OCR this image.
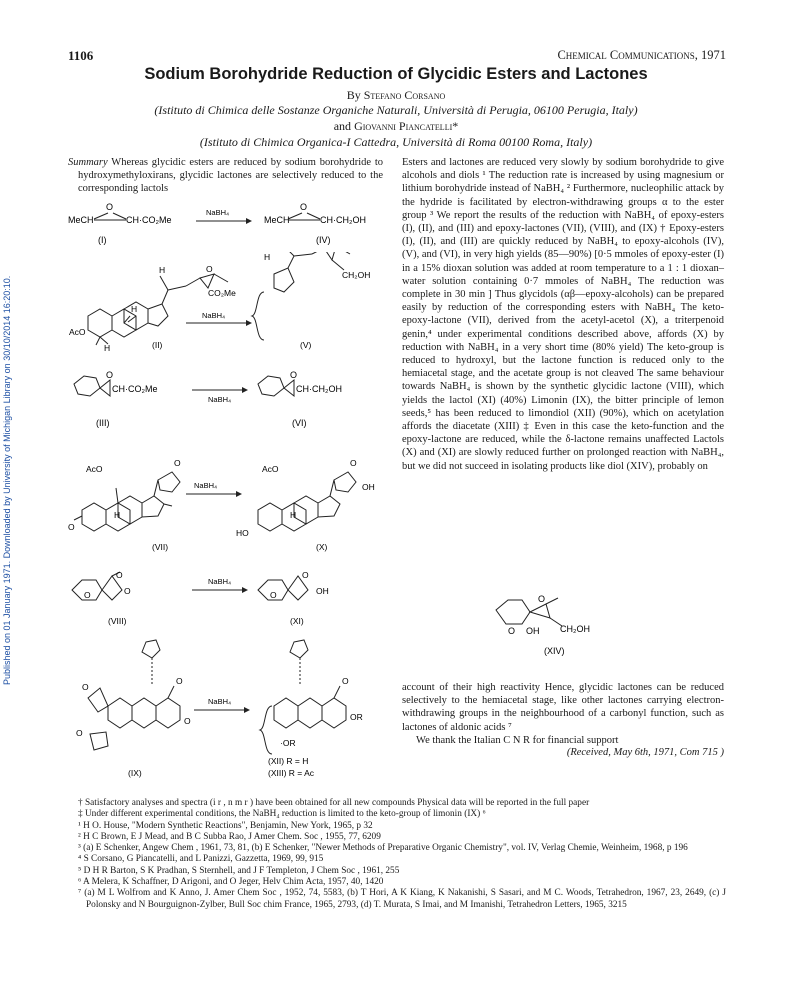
Published on 01 January 1971. Downloaded by University of Michigan Library on 30/10/2014 16:20:10.
1106	Chemical Communications, 1971
Sodium Borohydride Reduction of Glycidic Esters and Lactones
By Stefano Corsano
(Istituto di Chimica delle Sostanze Organiche Naturali, Università di Perugia, 06100 Perugia, Italy)
and Giovanni Piancatelli*
(Istituto di Chimica Organica-I Cattedra, Università di Roma 00100 Roma, Italy)

Summary Whereas glycidic esters are reduced by sodium borohydride to hydroxymethyloxirans, glycidic lactones are selectively reduced to the corresponding lactols

MeCH
O
CH·CO₂Me
NaBH₄
MeCH
O
CH·CH₂OH
(I)	(IV)
H	O
CO₂Me
H
AcO
H
NaBH₄
H
CH₂OH
(II)	(V)
O
CH·CO₂Me
NaBH₄
O
CH·CH₂OH
(III)	(VI)
AcO
O
O
H
NaBH₄
AcO
O
OH
HO
H
(VII)	(X)
O
O
O
NaBH₄
O
O
OH
(VIII)	(XI)
O
O
O
O
NaBH₄
O
OR
·OR
(IX)
(XII) R = H
(XIII) R = Ac

Esters and lactones are reduced very slowly by sodium borohydride to give alcohols and diols ¹ The reduction rate is increased by using magnesium or lithium borohydride instead of NaBH₄ ² Furthermore, nucleophilic attack by the hydride is facilitated by electron-withdrawing groups α to the ester group ³ We report the results of the reduction with NaBH₄ of epoxy-esters (I), (II), and (III) and epoxy-lactones (VII), (VIII), and (IX) † Epoxy-esters (I), (II), and (III) are quickly reduced by NaBH₄ to epoxy-alcohols (IV), (V), and (VI), in very high yields (85—90%) [0·5 mmoles of epoxy-ester (I) in a 15% dioxan solution was added at room temperature to a 1 : 1 dioxan–water solution containing 0·7 mmoles of NaBH₄ The reduction was complete in 30 min ] Thus glycidols (αβ—epoxy-alcohols) can be prepared easily by reduction of the corresponding esters with NaBH₄ The keto-epoxy-lactone (VII), derived from the acetyl-acetol (X), a triterpenoid genin,⁴ under experimental conditions described above, affords (X) by reduction with NaBH₄ in a very short time (80% yield) The keto-group is reduced to hydroxyl, but the lactone function is reduced only to the hemiacetal stage, and the acetate group is not cleaved The same behaviour towards NaBH₄ is shown by the synthetic glycidic lactone (VIII), which yields the lactol (XI) (40%) Limonin (IX), the bitter principle of lemon seeds,⁵ has been reduced to limondiol (XII) (90%), which on acetylation affords the diacetate (XIII) ‡ Even in this case the keto-function and the epoxy-lactone are reduced, while the δ-lactone remains unaffected Lactols (X) and (XI) are slowly reduced further on prolonged reaction with NaBH₄, but we did not succeed in isolating products like diol (XIV), probably on

O OH
O
CH₂OH
(XIV)

account of their high reactivity Hence, glycidic lactones can be reduced selectively to the hemiacetal stage, like other lactones carrying electron-withdrawing groups in the neighbourhood of a carbonyl function, such as lactones of aldonic acids ⁷

We thank the Italian C N R for financial support

(Received, May 6th, 1971, Com 715 )

† Satisfactory analyses and spectra (i r , n m r ) have been obtained for all new compounds Physical data will be reported in the full paper

‡ Under different experimental conditions, the NaBH₄ reduction is limited to the keto-group of limonin (IX) ⁶

¹ H O. House, "Modern Synthetic Reactions", Benjamin, New York, 1965, p 32

² H C Brown, E J Mead, and B C Subba Rao, J Amer Chem. Soc , 1955, 77, 6209

³ (a) E Schenker, Angew Chem , 1961, 73, 81, (b) E Schenker, "Newer Methods of Preparative Organic Chemistry", vol. IV, Verlag Chemie, Weinheim, 1968, p 196

⁴ S Corsano, G Piancatelli, and L Panizzi, Gazzetta, 1969, 99, 915

⁵ D H R Barton, S K Pradhan, S Sternhell, and J F Templeton, J Chem Soc , 1961, 255

⁶ A Melera, K Schaffner, D Arigoni, and O Jeger, Helv Chim Acta, 1957, 40, 1420

⁷ (a) M L Wolfrom and K Anno, J. Amer Chem Soc , 1952, 74, 5583, (b) T Hori, A K Kiang, K Nakanishi, S Sasari, and M C. Woods, Tetrahedron, 1967, 23, 2649, (c) J Polonsky and N Bourguignon-Zylber, Bull Soc chim France, 1965, 2793, (d) T. Murata, S Imai, and M Imanishi, Tetrahedron Letters, 1965, 3215
